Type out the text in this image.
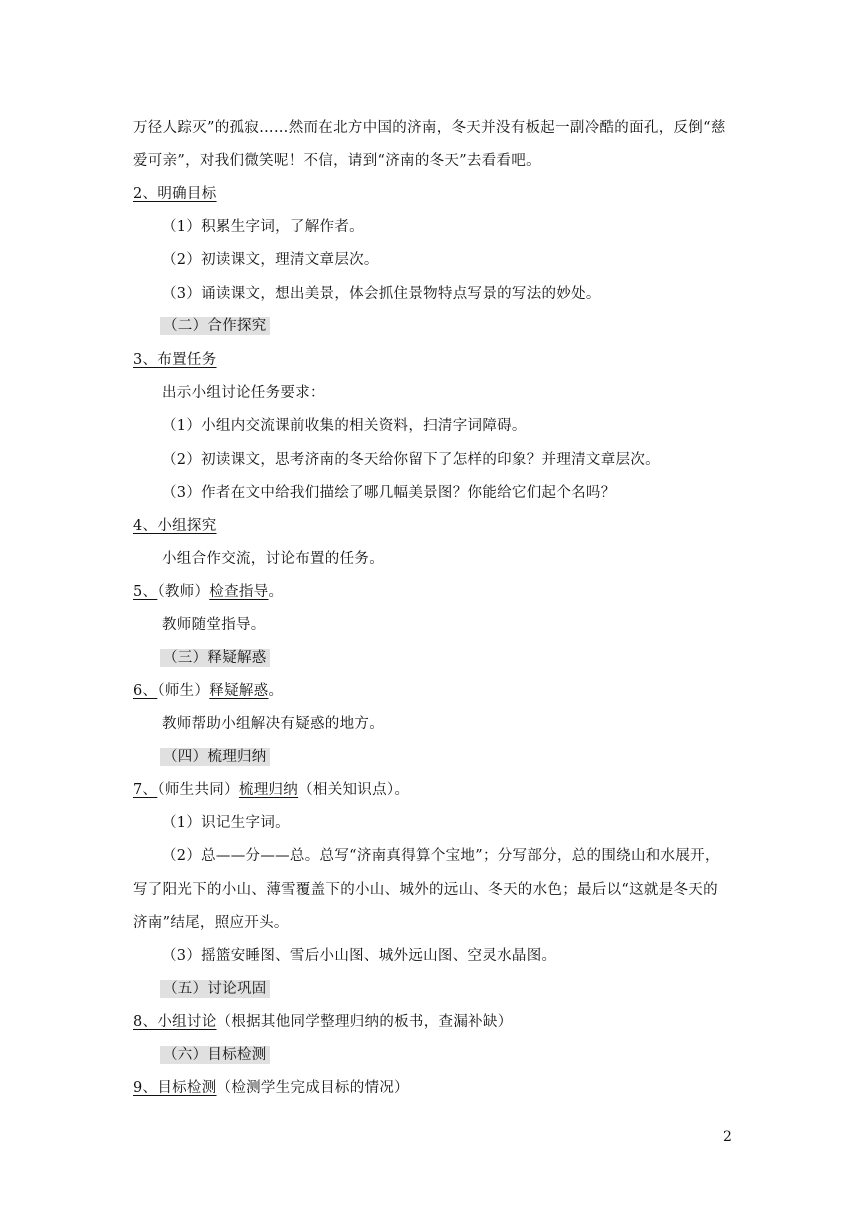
万径人踪灭”的孤寂……然而在北方中国的济南，冬天并没有板起一副冷酷的面孔，反倒“慈
爱可亲”，对我们微笑呢！不信，请到“济南的冬天”去看看吧。
2、明确目标
（1）积累生字词，了解作者。
（2）初读课文，理清文章层次。
（3）诵读课文，想出美景，体会抓住景物特点写景的写法的妙处。
（二）合作探究
3、布置任务
出示小组讨论任务要求：
（1）小组内交流课前收集的相关资料，扫清字词障碍。
（2）初读课文，思考济南的冬天给你留下了怎样的印象？并理清文章层次。
（3）作者在文中给我们描绘了哪几幅美景图？你能给它们起个名吗？
4、小组探究
小组合作交流，讨论布置的任务。
5、（教师）检查指导。
教师随堂指导。
（三）释疑解惑
6、（师生）释疑解惑。
教师帮助小组解决有疑惑的地方。
（四）梳理归纳
7、（师生共同）梳理归纳（相关知识点）。
（1）识记生字词。
（2）总——分——总。总写“济南真得算个宝地”；分写部分，总的围绕山和水展开，
写了阳光下的小山、薄雪覆盖下的小山、城外的远山、冬天的水色；最后以“这就是冬天的
济南”结尾，照应开头。
（3）摇篮安睡图、雪后小山图、城外远山图、空灵水晶图。
（五）讨论巩固
8、小组讨论（根据其他同学整理归纳的板书，查漏补缺）
（六）目标检测
9、目标检测（检测学生完成目标的情况）
2
